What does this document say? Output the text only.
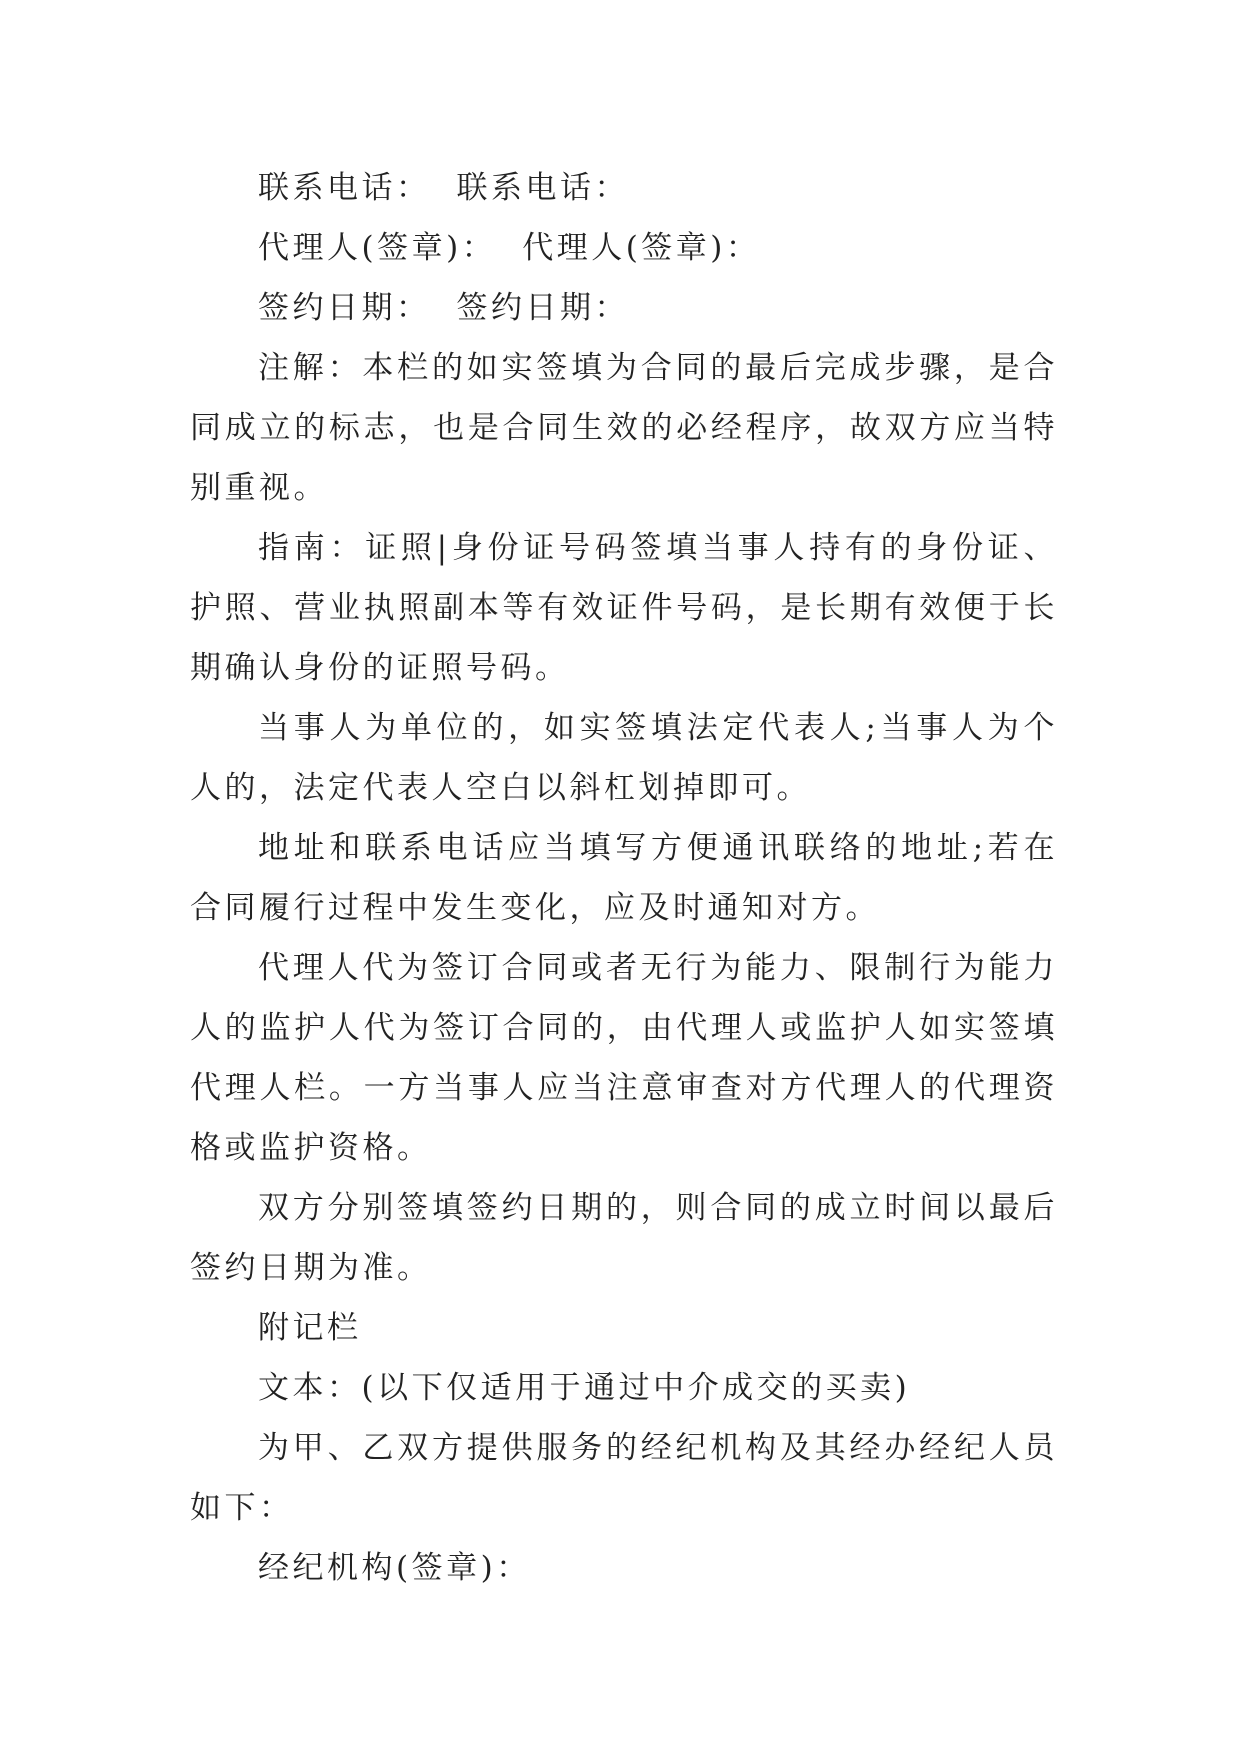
联系电话： 联系电话：

代理人(签章)： 代理人(签章)：

签约日期： 签约日期：

注解：本栏的如实签填为合同的最后完成步骤，是合同成立的标志，也是合同生效的必经程序，故双方应当特别重视。

指南：证照|身份证号码签填当事人持有的身份证、护照、营业执照副本等有效证件号码，是长期有效便于长期确认身份的证照号码。

当事人为单位的，如实签填法定代表人;当事人为个人的，法定代表人空白以斜杠划掉即可。

地址和联系电话应当填写方便通讯联络的地址;若在合同履行过程中发生变化，应及时通知对方。

代理人代为签订合同或者无行为能力、限制行为能力人的监护人代为签订合同的，由代理人或监护人如实签填代理人栏。一方当事人应当注意审查对方代理人的代理资格或监护资格。

双方分别签填签约日期的，则合同的成立时间以最后签约日期为准。

附记栏

文本：(以下仅适用于通过中介成交的买卖)

为甲、乙双方提供服务的经纪机构及其经办经纪人员如下：

经纪机构(签章)：
